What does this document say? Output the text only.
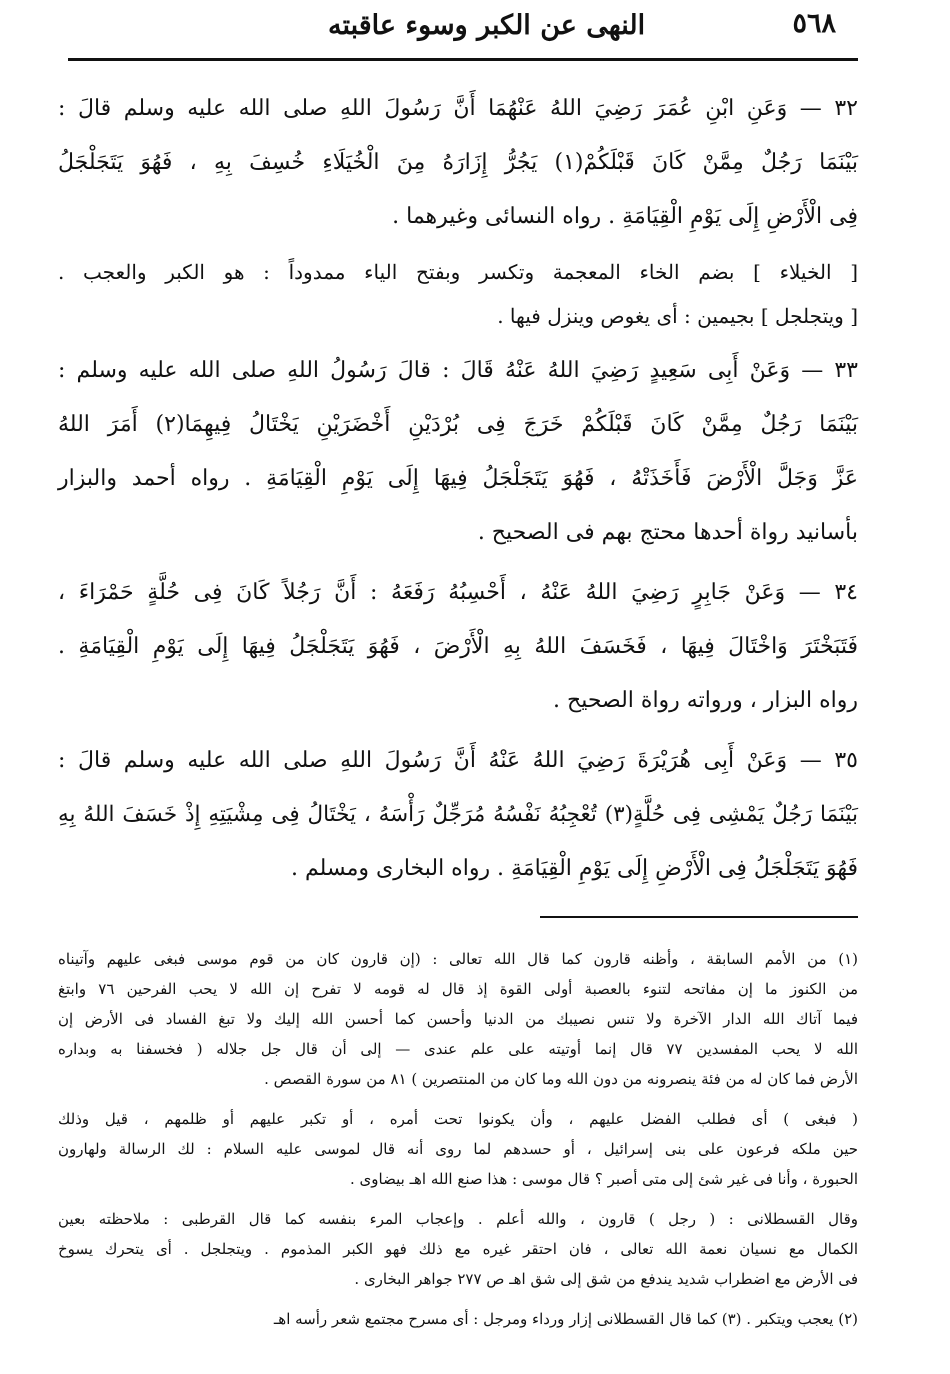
النهى عن الكبر وسوء عاقبته	٥٦٨
٣٢ — وَعَنِ ابْنِ عُمَرَ رَضِيَ اللهُ عَنْهُمَا أَنَّ رَسُولَ اللهِ صلى الله عليه وسلم قالَ :
بَيْنَمَا رَجُلٌ مِمَّنْ كَانَ قَبْلَكُمْ(١) يَجُرُّ إِزَارَهُ مِنَ الْخُيَلَاءِ خُسِفَ بِهِ ، فَهُوَ يَتَجَلْجَلُ
فِى الْأَرْضِ إِلَى يَوْمِ الْقِيَامَةِ . رواه النسائى وغيرهما .
[ الخيلاء ] بضم الخاء المعجمة وتكسر وبفتح الياء ممدوداً : هو الكبر والعجب .
[ ويتجلجل ] بجيمين : أى يغوص وينزل فيها .
٣٣ — وَعَنْ أَبِى سَعِيدٍ رَضِيَ اللهُ عَنْهُ قَالَ : قالَ رَسُولُ اللهِ صلى الله عليه وسلم :
بَيْنَمَا رَجُلٌ مِمَّنْ كَانَ قَبْلَكُمْ خَرَجَ فِى بُرْدَيْنِ أَخْضَرَيْنِ يَخْتَالُ فِيهِمَا(٢) أَمَرَ اللهُ
عَزَّ وَجَلَّ الْأَرْضَ فَأَخَذَتْهُ ، فَهُوَ يَتَجَلْجَلُ فِيهَا إِلَى يَوْمِ الْقِيَامَةِ . رواه أحمد والبزار
بأسانيد رواة أحدها محتج بهم فى الصحيح .
٣٤ — وَعَنْ جَابِرٍ رَضِيَ اللهُ عَنْهُ ، أَحْسِبُهُ رَفَعَهُ : أَنَّ رَجُلاً كَانَ فِى حُلَّةٍ حَمْرَاءَ ،
فَتَبَخْتَرَ وَاخْتَالَ فِيهَا ، فَخَسَفَ اللهُ بِهِ الْأَرْضَ ، فَهُوَ يَتَجَلْجَلُ فِيهَا إِلَى يَوْمِ الْقِيَامَةِ .
رواه البزار ، ورواته رواة الصحيح .
٣٥ — وَعَنْ أَبِى هُرَيْرَةَ رَضِيَ اللهُ عَنْهُ أَنَّ رَسُولَ اللهِ صلى الله عليه وسلم قالَ :
بَيْنَمَا رَجُلٌ يَمْشِى فِى حُلَّةٍ(٣) تُعْجِبُهُ نَفْسُهُ مُرَجِّلٌ رَأْسَهُ ، يَخْتَالُ فِى مِشْيَتِهِ إِذْ خَسَفَ اللهُ بِهِ
فَهُوَ يَتَجَلْجَلُ فِى الْأَرْضِ إِلَى يَوْمِ الْقِيَامَةِ . رواه البخارى ومسلم .
(١) من الأمم السابقة ، وأظنه قارون كما قال الله تعالى : (إن قارون كان من قوم موسى فبغى عليهم وآتيناه
من الكنوز ما إن مفاتحه لتنوء بالعصبة أولى القوة إذ قال له قومه لا تفرح إن الله لا يحب الفرحين ٧٦ وابتغ
فيما آتاك الله الدار الآخرة ولا تنس نصيبك من الدنيا وأحسن كما أحسن الله إليك ولا تبغ الفساد فى الأرض إن
الله لا يحب المفسدين ٧٧ قال إنما أوتيته على علم عندى — إلى أن قال جل جلاله ( فخسفنا به وبداره
الأرض فما كان له من فئة ينصرونه من دون الله وما كان من المنتصرين ) ٨١ من سورة القصص .
( فبغى ) أى فطلب الفضل عليهم ، وأن يكونوا تحت أمره ، أو تكبر عليهم أو ظلمهم ، قيل وذلك
حين ملكه فرعون على بنى إسرائيل ، أو حسدهم لما روى أنه قال لموسى عليه السلام : لك الرسالة ولهارون
الحبورة ، وأنا فى غير شئ إلى متى أصبر ؟ قال موسى : هذا صنع الله اهـ بيضاوى .
وقال القسطلانى : ( رجل ) قارون ، والله أعلم . وإعجاب المرء بنفسه كما قال القرطبى : ملاحظته بعين
الكمال مع نسيان نعمة الله تعالى ، فان احتقر غيره مع ذلك فهو الكبر المذموم . ويتجلجل . أى يتحرك يسوخ
فى الأرض مع اضطراب شديد يندفع من شق إلى شق اهـ ص ٢٧٧ جواهر البخارى .
(٢) يعجب ويتكبر . (٣) كما قال القسطلانى إزار ورداء ومرجل : أى مسرح مجتمع شعر رأسه اهـ
